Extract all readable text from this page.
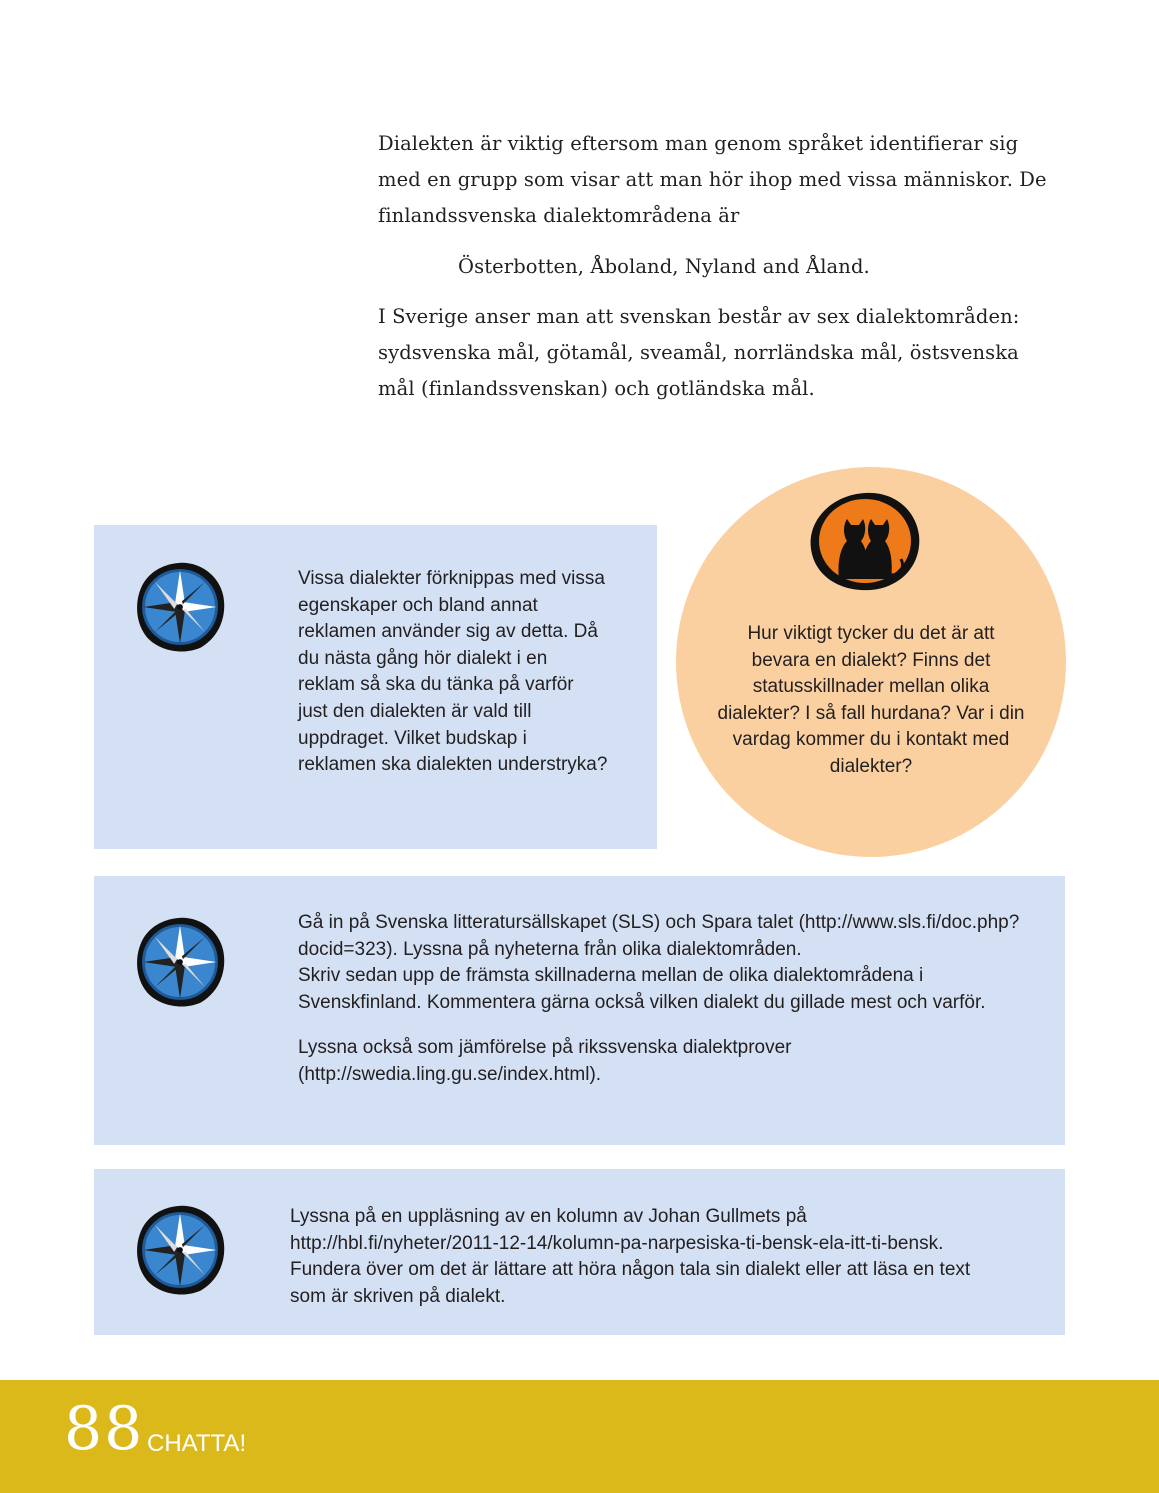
Dialekten är viktig eftersom man genom språket identifierar sig med en grupp som visar att man hör ihop med vissa människor. De finlandssvenska dialektområdena är

Österbotten, Åboland, Nyland and Åland.

I Sverige anser man att svenskan består av sex dialektområden: sydsvenska mål, götamål, sveamål, norrländska mål, östsvenska mål (finlandssvenskan) och gotländska mål.

Vissa dialekter förknippas med vissa egenskaper och bland annat reklamen använder sig av detta. Då du nästa gång hör dialekt i en reklam så ska du tänka på varför just den dialekten är vald till uppdraget. Vilket budskap i reklamen ska dialekten understryka?
Hur viktigt tycker du det är att bevara en dialekt? Finns det statusskillnader mellan olika dialekter? I så fall hurdana? Var i din vardag kommer du i kontakt med dialekter?

Gå in på Svenska litteratursällskapet (SLS) och Spara talet (http://www.sls.fi/doc.php?docid=323). Lyssna på nyheterna från olika dialektområden.

Skriv sedan upp de främsta skillnaderna mellan de olika dialektområdena i Svenskfinland. Kommentera gärna också vilken dialekt du gillade mest och varför.

Lyssna också som jämförelse på rikssvenska dialektprover (http://swedia.ling.gu.se/index.html).

Lyssna på en uppläsning av en kolumn av Johan Gullmets på http://hbl.fi/nyheter/2011-12-14/kolumn-pa-narpesiska-ti-bensk-ela-itt-ti-bensk. Fundera över om det är lättare att höra någon tala sin dialekt eller att läsa en text som är skriven på dialekt.
88 CHATTA!
